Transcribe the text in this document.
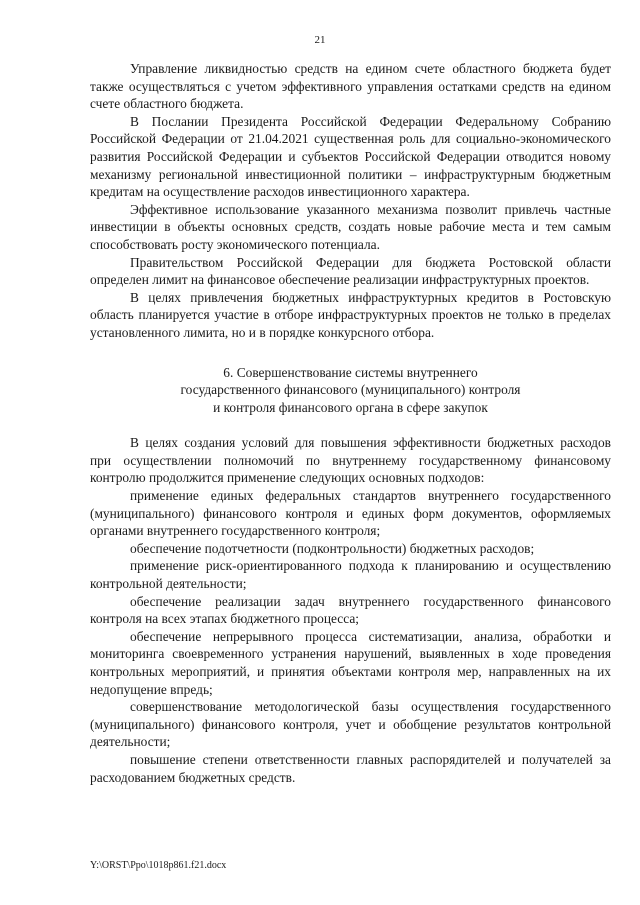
21

Управление ликвидностью средств на едином счете областного бюджета будет также осуществляться с учетом эффективного управления остатками средств на едином счете областного бюджета.

В Послании Президента Российской Федерации Федеральному Собранию Российской Федерации от 21.04.2021 существенная роль для социально-экономического развития Российской Федерации и субъектов Российской Федерации отводится новому механизму региональной инвестиционной политики – инфраструктурным бюджетным кредитам на осуществление расходов инвестиционного характера.

Эффективное использование указанного механизма позволит привлечь частные инвестиции в объекты основных средств, создать новые рабочие места и тем самым способствовать росту экономического потенциала.

Правительством Российской Федерации для бюджета Ростовской области определен лимит на финансовое обеспечение реализации инфраструктурных проектов.

В целях привлечения бюджетных инфраструктурных кредитов в Ростовскую область планируется участие в отборе инфраструктурных проектов не только в пределах установленного лимита, но и в порядке конкурсного отбора.

6. Совершенствование системы внутреннего
государственного финансового (муниципального) контроля
и контроля финансового органа в сфере закупок

В целях создания условий для повышения эффективности бюджетных расходов при осуществлении полномочий по внутреннему государственному финансовому контролю продолжится применение следующих основных подходов:

применение единых федеральных стандартов внутреннего государственного (муниципального) финансового контроля и единых форм документов, оформляемых органами внутреннего государственного контроля;

обеспечение подотчетности (подконтрольности) бюджетных расходов;

применение риск-ориентированного подхода к планированию и осуществлению контрольной деятельности;

обеспечение реализации задач внутреннего государственного финансового контроля на всех этапах бюджетного процесса;

обеспечение непрерывного процесса систематизации, анализа, обработки и мониторинга своевременного устранения нарушений, выявленных в ходе проведения контрольных мероприятий, и принятия объектами контроля мер, направленных на их недопущение впредь;

совершенствование методологической базы осуществления государственного (муниципального) финансового контроля, учет и обобщение результатов контрольной деятельности;

повышение степени ответственности главных распорядителей и получателей за расходованием бюджетных средств.

Y:\ORST\Ppo\1018p861.f21.docx
